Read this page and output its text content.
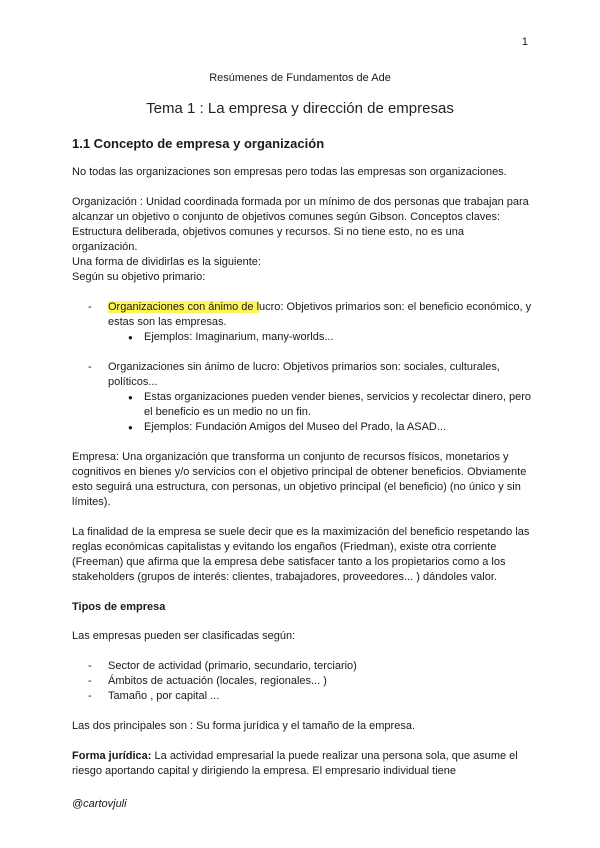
1
Resúmenes de Fundamentos de Ade
Tema 1 : La empresa y dirección de empresas
1.1 Concepto de empresa y organización

No todas las organizaciones son empresas pero todas las empresas son organizaciones.

Organización : Unidad coordinada formada por un mínimo de dos personas que trabajan para alcanzar un objetivo o conjunto de objetivos comunes según Gibson. Conceptos claves: Estructura deliberada, objetivos comunes y recursos. Si no tiene esto, no es una organización.
Una forma de dividirlas es la siguiente:
Según su objetivo primario:
- Organizaciones con ánimo de lucro: Objetivos primarios son: el beneficio económico, y estas son las empresas.
● Ejemplos: Imaginarium, many-worlds...
- Organizaciones sin ánimo de lucro: Objetivos primarios son: sociales, culturales, políticos...
● Estas organizaciones pueden vender bienes, servicios y recolectar dinero, pero el beneficio es un medio no un fin.
● Ejemplos: Fundación Amigos del Museo del Prado, la ASAD...

Empresa: Una organización que transforma un conjunto de recursos físicos, monetarios y cognitivos en bienes y/o servicios con el objetivo principal de obtener beneficios. Obviamente esto seguirá una estructura, con personas, un objetivo principal (el beneficio) (no único y sin límites).

La finalidad de la empresa se suele decir que es la maximización del beneficio respetando las reglas económicas capitalistas y evitando los engaños (Friedman), existe otra corriente (Freeman) que afirma que la empresa debe satisfacer tanto a los propietarios como a los stakeholders (grupos de interés: clientes, trabajadores, proveedores... ) dándoles valor.

Tipos de empresa

Las empresas pueden ser clasificadas según:

- Sector de actividad (primario, secundario, terciario)
- Ámbitos de actuación (locales, regionales... )
- Tamaño , por capital ...

Las dos principales son : Su forma jurídica y el tamaño de la empresa.

Forma jurídica: La actividad empresarial la puede realizar una persona sola, que asume el riesgo aportando capital y dirigiendo la empresa. El empresario individual tiene

@cartovjuli
